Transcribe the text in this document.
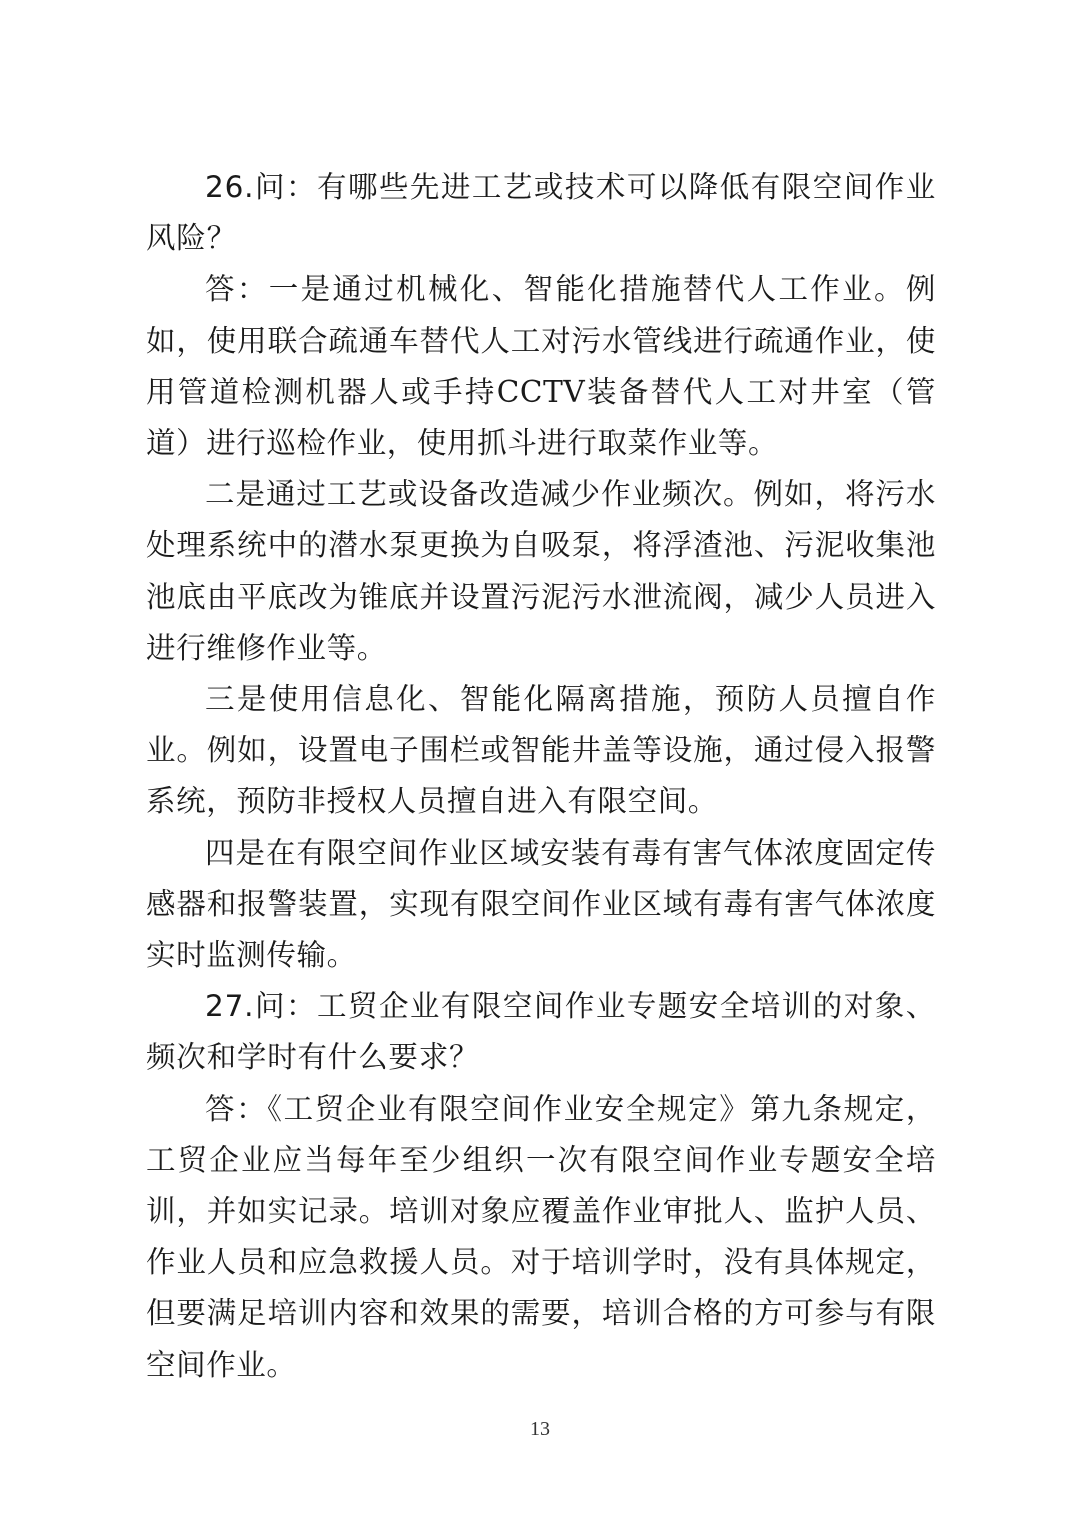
26.问：有哪些先进工艺或技术可以降低有限空间作业风险？

答：一是通过机械化、智能化措施替代人工作业。例如，使用联合疏通车替代人工对污水管线进行疏通作业，使用管道检测机器人或手持CCTV装备替代人工对井室（管道）进行巡检作业，使用抓斗进行取菜作业等。

二是通过工艺或设备改造减少作业频次。例如，将污水处理系统中的潜水泵更换为自吸泵，将浮渣池、污泥收集池池底由平底改为锥底并设置污泥污水泄流阀，减少人员进入进行维修作业等。

三是使用信息化、智能化隔离措施，预防人员擅自作业。例如，设置电子围栏或智能井盖等设施，通过侵入报警系统，预防非授权人员擅自进入有限空间。

四是在有限空间作业区域安装有毒有害气体浓度固定传感器和报警装置，实现有限空间作业区域有毒有害气体浓度实时监测传输。

27.问：工贸企业有限空间作业专题安全培训的对象、频次和学时有什么要求？

答：《工贸企业有限空间作业安全规定》第九条规定，工贸企业应当每年至少组织一次有限空间作业专题安全培训，并如实记录。培训对象应覆盖作业审批人、监护人员、作业人员和应急救援人员。对于培训学时，没有具体规定，但要满足培训内容和效果的需要，培训合格的方可参与有限空间作业。

13
